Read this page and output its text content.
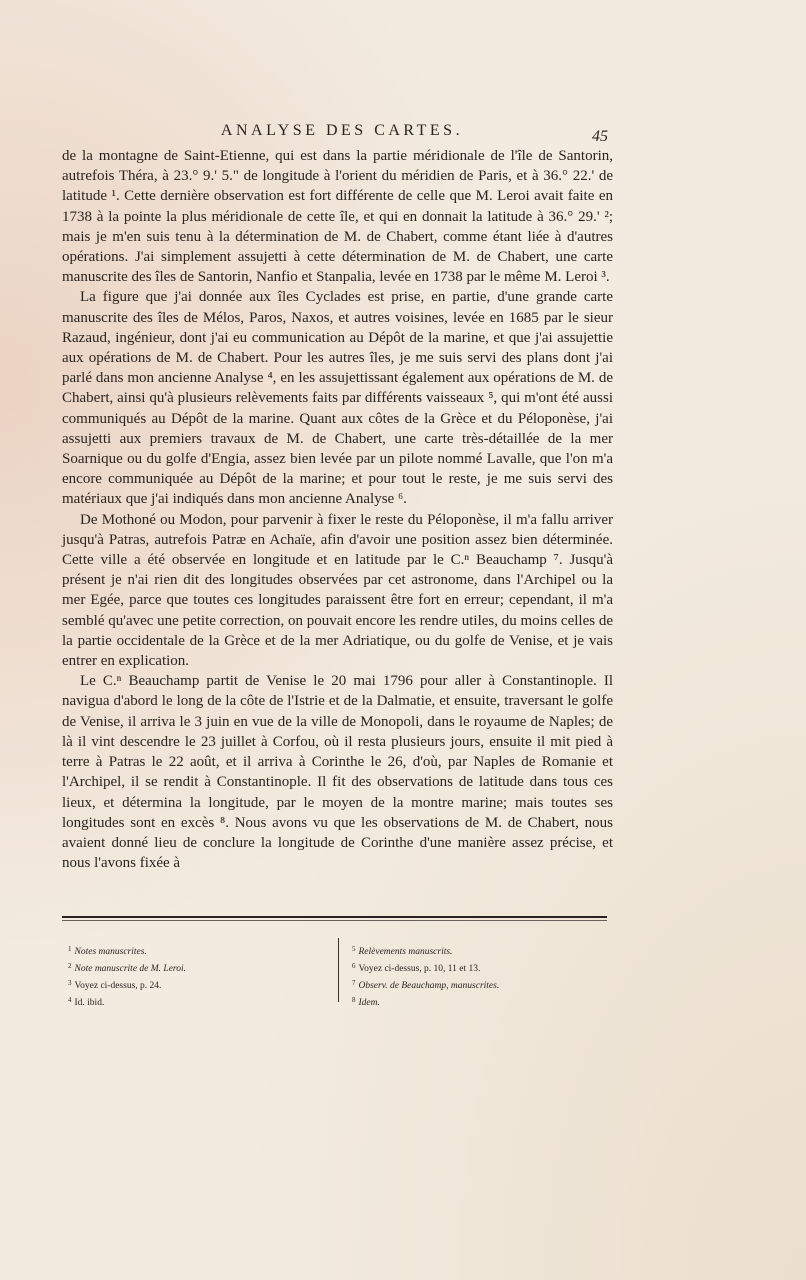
ANALYSE DES CARTES.	45

de la montagne de Saint-Etienne, qui est dans la partie méridionale de l'île de Santorin, autrefois Théra, à 23.° 9.' 5." de longitude à l'orient du méridien de Paris, et à 36.° 22.' de latitude ¹. Cette dernière observation est fort différente de celle que M. Leroi avait faite en 1738 à la pointe la plus méridionale de cette île, et qui en donnait la latitude à 36.° 29.' ²; mais je m'en suis tenu à la détermination de M. de Chabert, comme étant liée à d'autres opérations. J'ai simplement assujetti à cette détermination de M. de Chabert, une carte manuscrite des îles de Santorin, Nanfio et Stanpalia, levée en 1738 par le même M. Leroi ³.

La figure que j'ai donnée aux îles Cyclades est prise, en partie, d'une grande carte manuscrite des îles de Mélos, Paros, Naxos, et autres voisines, levée en 1685 par le sieur Razaud, ingénieur, dont j'ai eu communication au Dépôt de la marine, et que j'ai assujettie aux opérations de M. de Chabert. Pour les autres îles, je me suis servi des plans dont j'ai parlé dans mon ancienne Analyse ⁴, en les assujettissant également aux opérations de M. de Chabert, ainsi qu'à plusieurs relèvements faits par différents vaisseaux ⁵, qui m'ont été aussi communiqués au Dépôt de la marine. Quant aux côtes de la Grèce et du Péloponèse, j'ai assujetti aux premiers travaux de M. de Chabert, une carte très-détaillée de la mer Soarnique ou du golfe d'Engia, assez bien levée par un pilote nommé Lavalle, que l'on m'a encore communiquée au Dépôt de la marine; et pour tout le reste, je me suis servi des matériaux que j'ai indiqués dans mon ancienne Analyse ⁶.

De Mothoné ou Modon, pour parvenir à fixer le reste du Péloponèse, il m'a fallu arriver jusqu'à Patras, autrefois Patræ en Achaïe, afin d'avoir une position assez bien déterminée. Cette ville a été observée en longitude et en latitude par le C.ⁿ Beauchamp ⁷. Jusqu'à présent je n'ai rien dit des longitudes observées par cet astronome, dans l'Archipel ou la mer Egée, parce que toutes ces longitudes paraissent être fort en erreur; cependant, il m'a semblé qu'avec une petite correction, on pouvait encore les rendre utiles, du moins celles de la partie occidentale de la Grèce et de la mer Adriatique, ou du golfe de Venise, et je vais entrer en explication.

Le C.ⁿ Beauchamp partit de Venise le 20 mai 1796 pour aller à Constantinople. Il navigua d'abord le long de la côte de l'Istrie et de la Dalmatie, et ensuite, traversant le golfe de Venise, il arriva le 3 juin en vue de la ville de Monopoli, dans le royaume de Naples; de là il vint descendre le 23 juillet à Corfou, où il resta plusieurs jours, ensuite il mit pied à terre à Patras le 22 août, et il arriva à Corinthe le 26, d'où, par Naples de Romanie et l'Archipel, il se rendit à Constantinople. Il fit des observations de latitude dans tous ces lieux, et détermina la longitude, par le moyen de la montre marine; mais toutes ses longitudes sont en excès ⁸. Nous avons vu que les observations de M. de Chabert, nous avaient donné lieu de conclure la longitude de Corinthe d'une manière assez précise, et nous l'avons fixée à

$^1$ Notes manuscrites.
$^2$ Note manuscrite de M. Leroi.
$^3$ Voyez ci-dessus, p. 24.
$^4$ Id. ibid.
$^5$ Relèvements manuscrits.
$^6$ Voyez ci-dessus, p. 10, 11 et 13.
$^7$ Observ. de Beauchamp, manuscrites.
$^8$ Idem.
